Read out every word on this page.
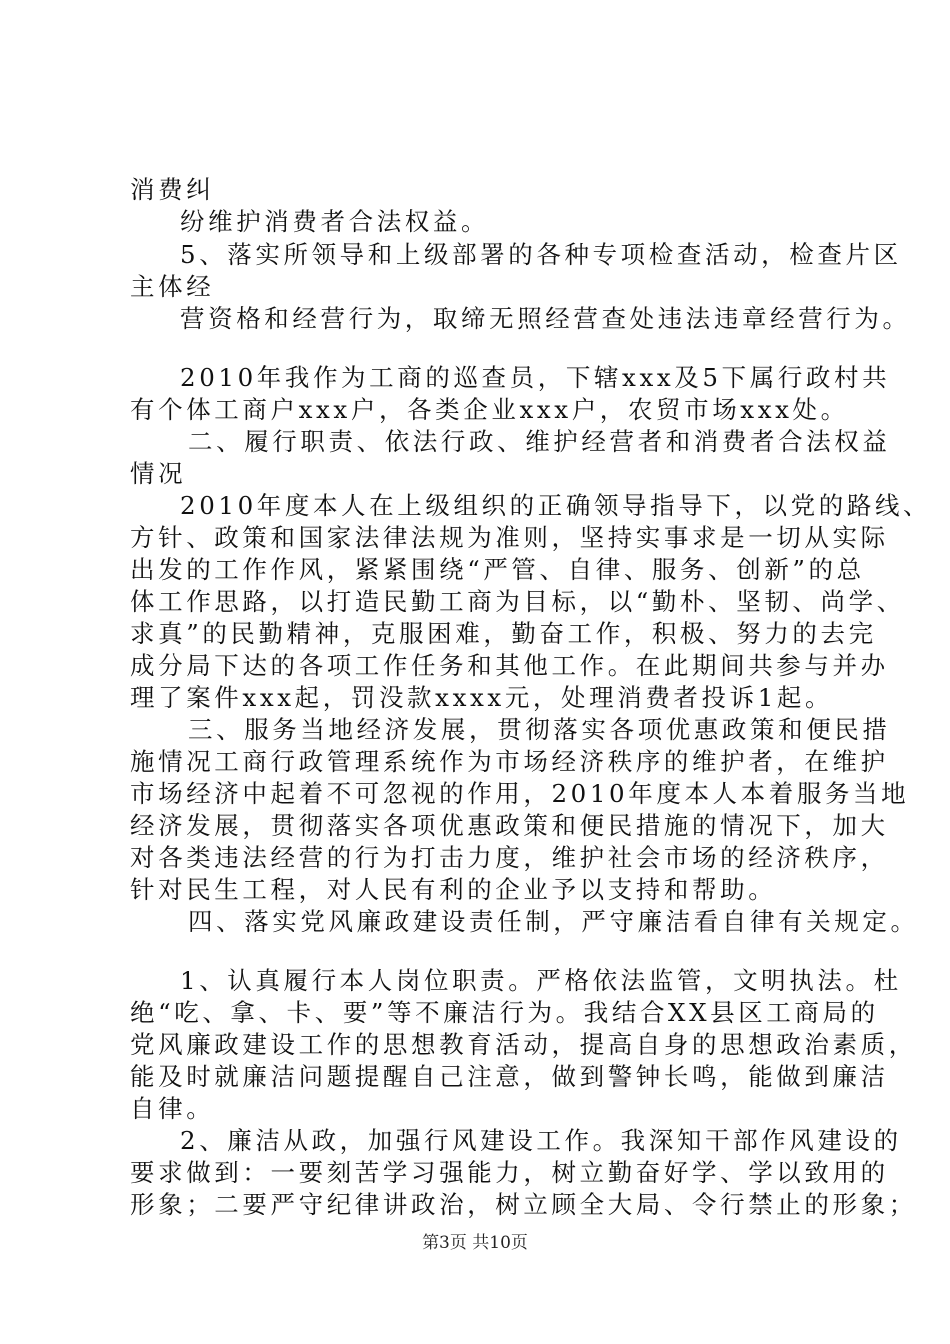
消费纠
纷维护消费者合法权益。
5、落实所领导和上级部署的各种专项检查活动，检查片区
主体经
营资格和经营行为，取缔无照经营查处违法违章经营行为。
2010年我作为工商的巡查员，下辖xxx及5下属行政村共
有个体工商户xxx户，各类企业xxx户，农贸市场xxx处。
二、履行职责、依法行政、维护经营者和消费者合法权益
情况
2010年度本人在上级组织的正确领导指导下，以党的路线、
方针、政策和国家法律法规为准则，坚持实事求是一切从实际
出发的工作作风，紧紧围绕“严管、自律、服务、创新”的总
体工作思路，以打造民勤工商为目标，以“勤朴、坚韧、尚学、
求真”的民勤精神，克服困难，勤奋工作，积极、努力的去完
成分局下达的各项工作任务和其他工作。在此期间共参与并办
理了案件xxx起，罚没款xxxx元，处理消费者投诉1起。
三、服务当地经济发展，贯彻落实各项优惠政策和便民措
施情况工商行政管理系统作为市场经济秩序的维护者，在维护
市场经济中起着不可忽视的作用，2010年度本人本着服务当地
经济发展，贯彻落实各项优惠政策和便民措施的情况下，加大
对各类违法经营的行为打击力度，维护社会市场的经济秩序，
针对民生工程，对人民有利的企业予以支持和帮助。
四、落实党风廉政建设责任制，严守廉洁看自律有关规定。
1、认真履行本人岗位职责。严格依法监管，文明执法。杜
绝“吃、拿、卡、要”等不廉洁行为。我结合XX县区工商局的
党风廉政建设工作的思想教育活动，提高自身的思想政治素质，
能及时就廉洁问题提醒自己注意，做到警钟长鸣，能做到廉洁
自律。
2、廉洁从政，加强行风建设工作。我深知干部作风建设的
要求做到：一要刻苦学习强能力，树立勤奋好学、学以致用的
形象；二要严守纪律讲政治，树立顾全大局、令行禁止的形象；
第3页 共10页
